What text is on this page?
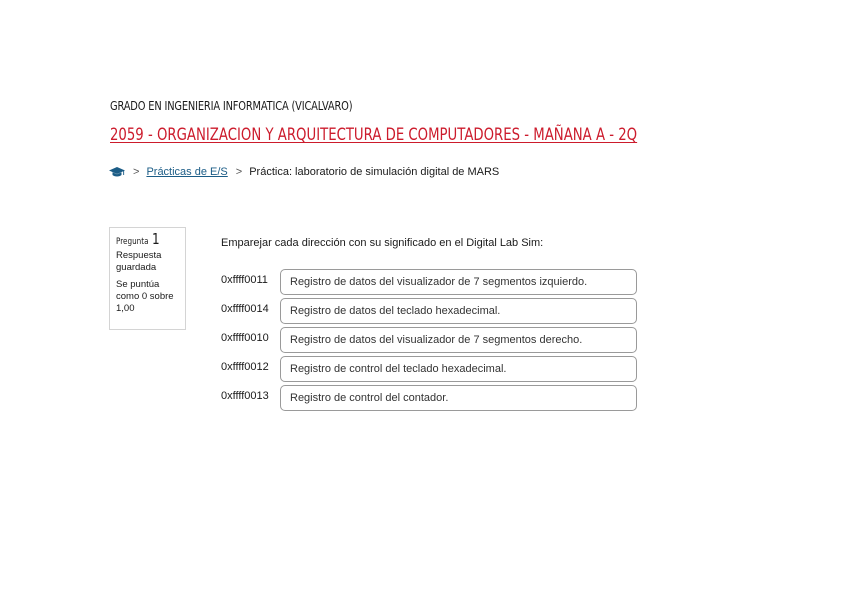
GRADO EN INGENIERIA INFORMATICA (VICALVARO)
2059 - ORGANIZACION Y ARQUITECTURA DE COMPUTADORES - MAÑANA A - 2Q
> Prácticas de E/S > Práctica: laboratorio de simulación digital de MARS
Pregunta 1
Respuesta guardada
Se puntúa como 0 sobre 1,00
Emparejar cada dirección con su significado en el Digital Lab Sim:
0xffff0011	Registro de datos del visualizador de 7 segmentos izquierdo.
0xffff0014	Registro de datos del teclado hexadecimal.
0xffff0010	Registro de datos del visualizador de 7 segmentos derecho.
0xffff0012	Registro de control del teclado hexadecimal.
0xffff0013	Registro de control del contador.
